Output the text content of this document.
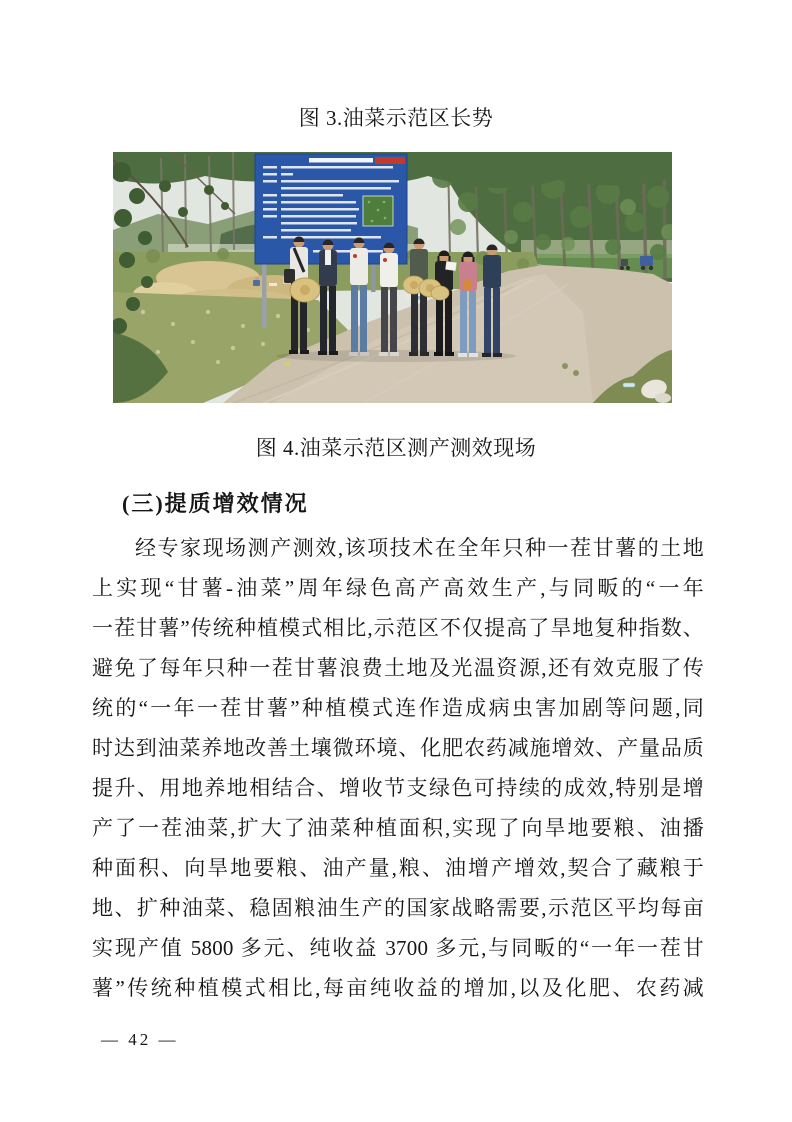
图 3.油菜示范区长势
图 4.油菜示范区测产测效现场
(三)提质增效情况
经专家现场测产测效,该项技术在全年只种一茬甘薯的土地
上实现“甘薯-油菜”周年绿色高产高效生产,与同畈的“一年
一茬甘薯”传统种植模式相比,示范区不仅提高了旱地复种指数、
避免了每年只种一茬甘薯浪费土地及光温资源,还有效克服了传
统的“一年一茬甘薯”种植模式连作造成病虫害加剧等问题,同
时达到油菜养地改善土壤微环境、化肥农药减施增效、产量品质
提升、用地养地相结合、增收节支绿色可持续的成效,特别是增
产了一茬油菜,扩大了油菜种植面积,实现了向旱地要粮、油播
种面积、向旱地要粮、油产量,粮、油增产增效,契合了藏粮于
地、扩种油菜、稳固粮油生产的国家战略需要,示范区平均每亩
实现产值 5800 多元、纯收益 3700 多元,与同畈的“一年一茬甘
薯”传统种植模式相比,每亩纯收益的增加,以及化肥、农药减
— 42 —
